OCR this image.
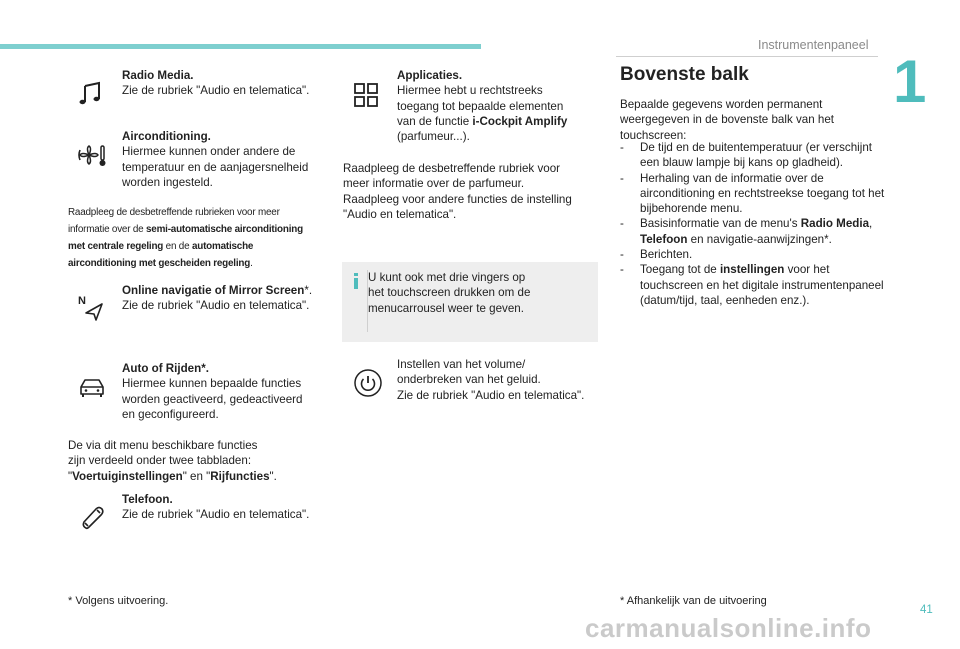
Instrumentenpaneel
1
Radio Media.
Zie de rubriek "Audio en telematica".
Airconditioning.
Hiermee kunnen onder andere de
temperatuur en de aanjagersnelheid
worden ingesteld.
Raadpleeg de desbetreffende rubrieken voor meer
informatie over de semi-automatische airconditioning
met centrale regeling en de automatische
airconditioning met gescheiden regeling.
N
Online navigatie of Mirror Screen*.
Zie de rubriek "Audio en telematica".
Auto of Rijden*.
Hiermee kunnen bepaalde functies
worden geactiveerd, gedeactiveerd
en geconfigureerd.
De via dit menu beschikbare functies
zijn verdeeld onder twee tabbladen:
"Voertuiginstellingen" en "Rijfuncties".
Telefoon.
Zie de rubriek "Audio en telematica".
* Volgens uitvoering.
Applicaties.
Hiermee hebt u rechtstreeks
toegang tot bepaalde elementen
van de functie i-Cockpit Amplify
(parfumeur...).
Raadpleeg de desbetreffende rubriek voor
meer informatie over de parfumeur.
Raadpleeg voor andere functies de instelling
"Audio en telematica".
U kunt ook met drie vingers op
het touchscreen drukken om de
menucarrousel weer te geven.
Instellen van het volume/
onderbreken van het geluid.
Zie de rubriek "Audio en telematica".
Bovenste balk
Bepaalde gegevens worden permanent
weergegeven in de bovenste balk van het
touchscreen:
- De tijd en de buitentemperatuur (er verschijnt een blauw lampje bij kans op gladheid).
- Herhaling van de informatie over de airconditioning en rechtstreekse toegang tot het bijbehorende menu.
- Basisinformatie van de menu's Radio Media, Telefoon en navigatie-aanwijzingen*.
- Berichten.
- Toegang tot de instellingen voor het touchscreen en het digitale instrumentenpaneel (datum/tijd, taal, eenheden enz.).
* Afhankelijk van de uitvoering
41
carmanualsonline.info
